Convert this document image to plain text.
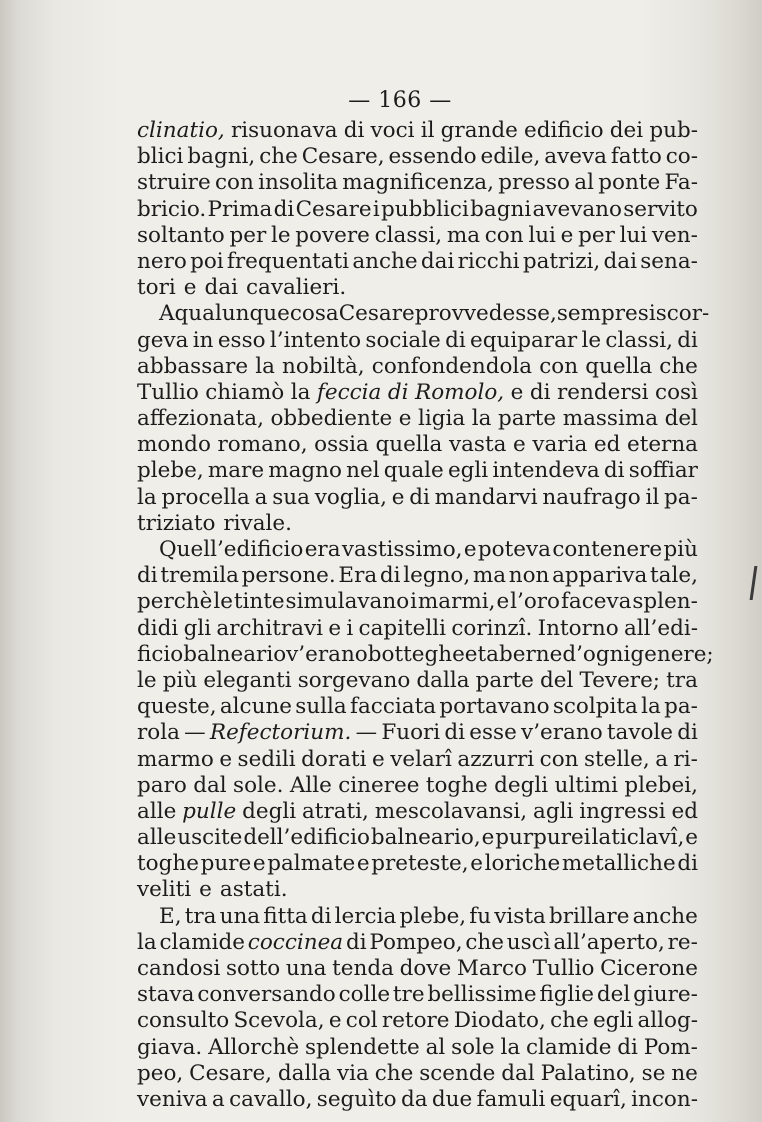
— 166 —
clinatio, risuonava di voci il grande edificio dei pub-
blici bagni, che Cesare, essendo edile, aveva fatto co-
struire con insolita magnificenza, presso al ponte Fa-
bricio. Prima di Cesare i pubblici bagni avevano servito
soltanto per le povere classi, ma con lui e per lui ven-
nero poi frequentati anche dai ricchi patrizi, dai sena-
tori e dai cavalieri.
A qualunque cosa Cesare provvedesse, sempre si scor-
geva in esso l’intento sociale di equiparar le classi, di
abbassare la nobiltà, confondendola con quella che
Tullio chiamò la feccia di Romolo, e di rendersi così
affezionata, obbediente e ligia la parte massima del
mondo romano, ossia quella vasta e varia ed eterna
plebe, mare magno nel quale egli intendeva di soffiar
la procella a sua voglia, e di mandarvi naufrago il pa-
triziato rivale.
Quell’edificio era vastissimo, e poteva contenere più
di tremila persone. Era di legno, ma non appariva tale,
perchè le tinte simulavano i marmi, e l’oro faceva splen-
didi gli architravi e i capitelli corinzî. Intorno all’edi-
ficio balneario v’erano botteghe e taberne d’ogni genere;
le più eleganti sorgevano dalla parte del Tevere; tra
queste, alcune sulla facciata portavano scolpita la pa-
rola — Refectorium. — Fuori di esse v’erano tavole di
marmo e sedili dorati e velarî azzurri con stelle, a ri-
paro dal sole. Alle cineree toghe degli ultimi plebei,
alle pulle degli atrati, mescolavansi, agli ingressi ed
alle uscite dell’edificio balneario, e purpurei laticlavî, e
toghe pure e palmate e preteste, e loriche metalliche di
veliti e astati.
E, tra una fitta di lercia plebe, fu vista brillare anche
la clamide coccinea di Pompeo, che uscì all’aperto, re-
candosi sotto una tenda dove Marco Tullio Cicerone
stava conversando colle tre bellissime figlie del giure-
consulto Scevola, e col retore Diodato, che egli allog-
giava. Allorchè splendette al sole la clamide di Pom-
peo, Cesare, dalla via che scende dal Palatino, se ne
veniva a cavallo, seguìto da due famuli equarî, incon-
